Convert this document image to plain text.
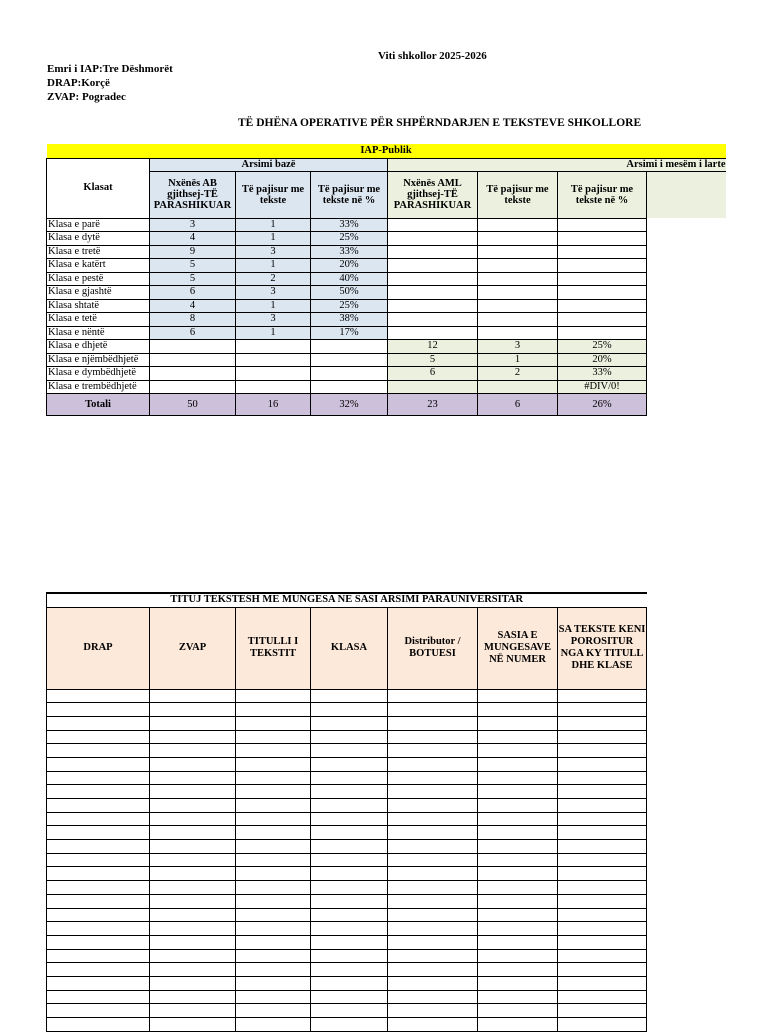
Viti shkollor 2025-2026
Emri i IAP:Tre Dëshmorët
DRAP:Korçë
ZVAP: Pogradec
TË DHËNA OPERATIVE PËR SHPËRNDARJEN E TEKSTEVE SHKOLLORE
IAP-Publik							
Klasat	Arsimi bazë			Arsimi i mesëm i larte			
	Nxënës AB gjithsej-TË PARASHIKUAR	Të pajisur me tekste	Të pajisur me tekste në %	Nxënës AML gjithsej-TË PARASHIKUAR	Të pajisur me tekste	Të pajisur me tekste në %	
Klasa e parë	3	1	33%				
Klasa e dytë	4	1	25%				
Klasa e tretë	9	3	33%				
Klasa e katërt	5	1	20%				
Klasa e pestë	5	2	40%				
Klasa e gjashtë	6	3	50%				
Klasa shtatë	4	1	25%				
Klasa e tetë	8	3	38%				
Klasa e nëntë	6	1	17%				
Klasa e dhjetë				12	3	25%	
Klasa e njëmbëdhjetë				5	1	20%	
Klasa e dymbëdhjetë				6	2	33%	
Klasa e trembëdhjetë						#DIV/0!	
Totali	50	16	32%	23	6	26%	
TITUJ TEKSTESH ME MUNGESA NE SASI ARSIMI PARAUNIVERSITAR						
DRAP	ZVAP	TITULLI I TEKSTIT	KLASA	Distributor / BOTUESI	SASIA E MUNGESAVE NË NUMER	SA TEKSTE KENI POROSITUR NGA KY TITULL DHE KLASE
